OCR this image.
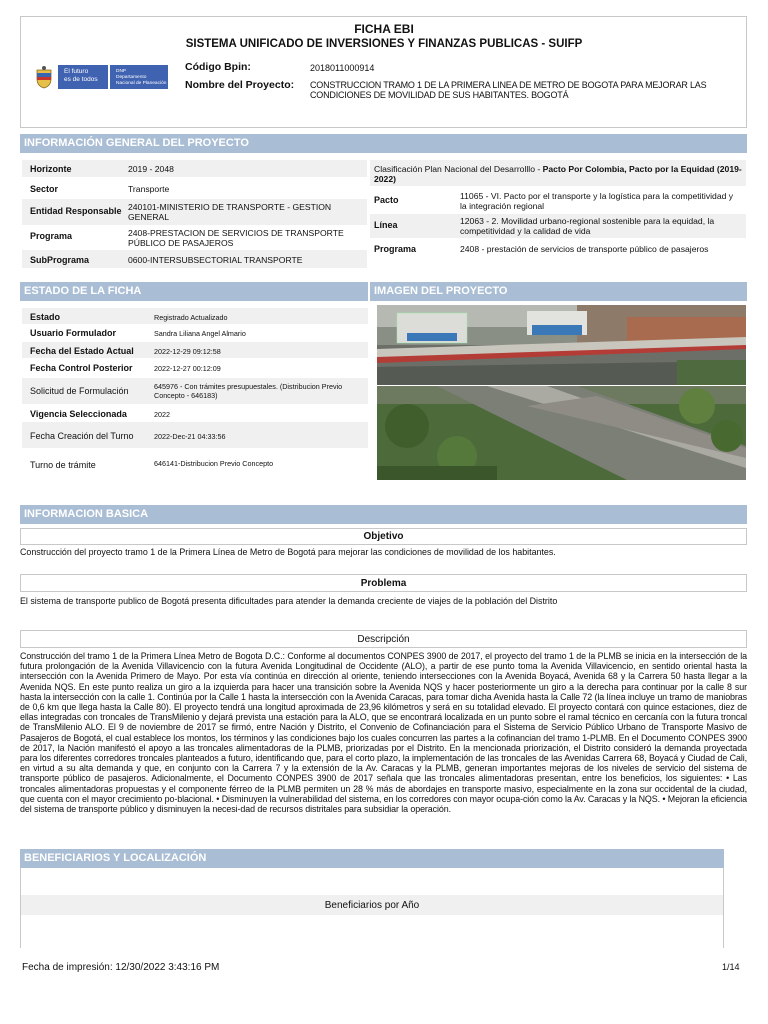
FICHA EBI
SISTEMA UNIFICADO DE INVERSIONES Y FINANZAS PUBLICAS - SUIFP
El futuro
es de todos
DNP
Departamento
Nacional de Planeación
Código Bpin:	2018011000914
Nombre del Proyecto: CONSTRUCCION TRAMO 1 DE LA PRIMERA LINEA DE METRO DE BOGOTA PARA MEJORAR LAS CONDICIONES DE MOVILIDAD DE SUS HABITANTES. BOGOTÁ
INFORMACIÓN GENERAL DEL PROYECTO
Horizonte	2019 - 2048
Sector	Transporte
Entidad Responsable 240101-MINISTERIO DE TRANSPORTE - GESTION GENERAL
Programa	2408-PRESTACION DE SERVICIOS DE TRANSPORTE PÚBLICO DE PASAJEROS
SubPrograma	0600-INTERSUBSECTORIAL TRANSPORTE
Clasificación Plan Nacional del Desarrolllo - Pacto Por Colombia, Pacto por la Equidad (2019-2022)
Pacto	11065 - VI. Pacto por el transporte y la logística para la competitividad y la integración regional
Línea	12063 - 2. Movilidad urbano-regional sostenible para la equidad, la competitividad y la calidad de vida
Programa	2408 - prestación de servicios de transporte público de pasajeros
ESTADO DE LA FICHA	IMAGEN DEL PROYECTO
Estado	Registrado Actualizado
Usuario Formulador	Sandra Liliana Angel Almario
Fecha del Estado Actual	2022-12-29 09:12:58
Fecha Control Posterior	2022-12-27 00:12:09
Solicitud de Formulación	645976 - Con trámites presupuestales. (Distribucion Previo Concepto - 646183)
Vigencia Seleccionada	2022
Fecha Creación del Turno	2022-Dec-21 04:33:56
Turno de trámite	646141-Distribucion Previo Concepto
INFORMACION BASICA
Objetivo
Construcción del proyecto tramo 1 de la Primera Línea de Metro de Bogotá para mejorar las condiciones de movilidad de los habitantes.
Problema
El sistema de transporte publico de Bogotá presenta dificultades para atender la demanda creciente de viajes de la población del Distrito
Descripción
Construcción del tramo 1 de la Primera Línea Metro de Bogota D.C.: Conforme al documentos CONPES 3900 de 2017, el proyecto del tramo 1 de la PLMB se inicia en la intersección de la futura prolongación de la Avenida Villavicencio con la futura Avenida Longitudinal de Occidente (ALO), a partir de ese punto toma la Avenida Villavicencio, en sentido oriental hasta la intersección con la Avenida Primero de Mayo. Por esta vía continúa en dirección al oriente, teniendo intersecciones con la Avenida Boyacá, Avenida 68 y la Carrera 50 hasta llegar a la Avenida NQS. En este punto realiza un giro a la izquierda para hacer una transición sobre la Avenida NQS y hacer posteriormente un giro a la derecha para continuar por la calle 8 sur hasta la intersección con la calle 1. Continúa por la Calle 1 hasta la intersección con la Avenida Caracas, para tomar dicha Avenida hasta la Calle 72 (la línea incluye un tramo de maniobras de 0,6 km que llega hasta la Calle 80). El proyecto tendrá una longitud aproximada de 23,96 kilómetros y será en su totalidad elevado. El proyecto contará con quince estaciones, diez de ellas integradas con troncales de TransMilenio y dejará prevista una estación para la ALO, que se encontrará localizada en un punto sobre el ramal técnico en cercanía con la futura troncal de TransMilenio ALO. El 9 de noviembre de 2017 se firmó, entre Nación y Distrito, el Convenio de Cofinanciación para el Sistema de Servicio Público Urbano de Transporte Masivo de Pasajeros de Bogotá, el cual establece los montos, los términos y las condiciones bajo los cuales concurren las partes a la cofinancian del tramo 1-PLMB. En el Documento CONPES 3900 de 2017, la Nación manifestó el apoyo a las troncales alimentadoras de la PLMB, priorizadas por el Distrito. En la mencionada priorización, el Distrito consideró la demanda proyectada para los diferentes corredores troncales planteados a futuro, identificando que, para el corto plazo, la implementación de las troncales de las Avenidas Carrera 68, Boyacá y Ciudad de Cali, en virtud a su alta demanda y que, en conjunto con la Carrera 7 y la extensión de la Av. Caracas y la PLMB, generan importantes mejoras de los niveles de servicio del sistema de transporte público de pasajeros. Adicionalmente, el Documento CONPES 3900 de 2017 señala que las troncales alimentadoras presentan, entre los beneficios, los siguientes: • Las troncales alimentadoras propuestas y el componente férreo de la PLMB permiten un 28 % más de abordajes en transporte masivo, especialmente en la zona sur occidental de la ciudad, que cuenta con el mayor crecimiento po-blacional. • Disminuyen la vulnerabilidad del sistema, en los corredores con mayor ocupa-ción como la Av. Caracas y la NQS. • Mejoran la eficiencia del sistema de transporte público y disminuyen la necesi-dad de recursos distritales para subsidiar la operación.
BENEFICIARIOS Y LOCALIZACIÓN
Beneficiarios por Año
Fecha de impresión: 12/30/2022 3:43:16 PM	1/14
